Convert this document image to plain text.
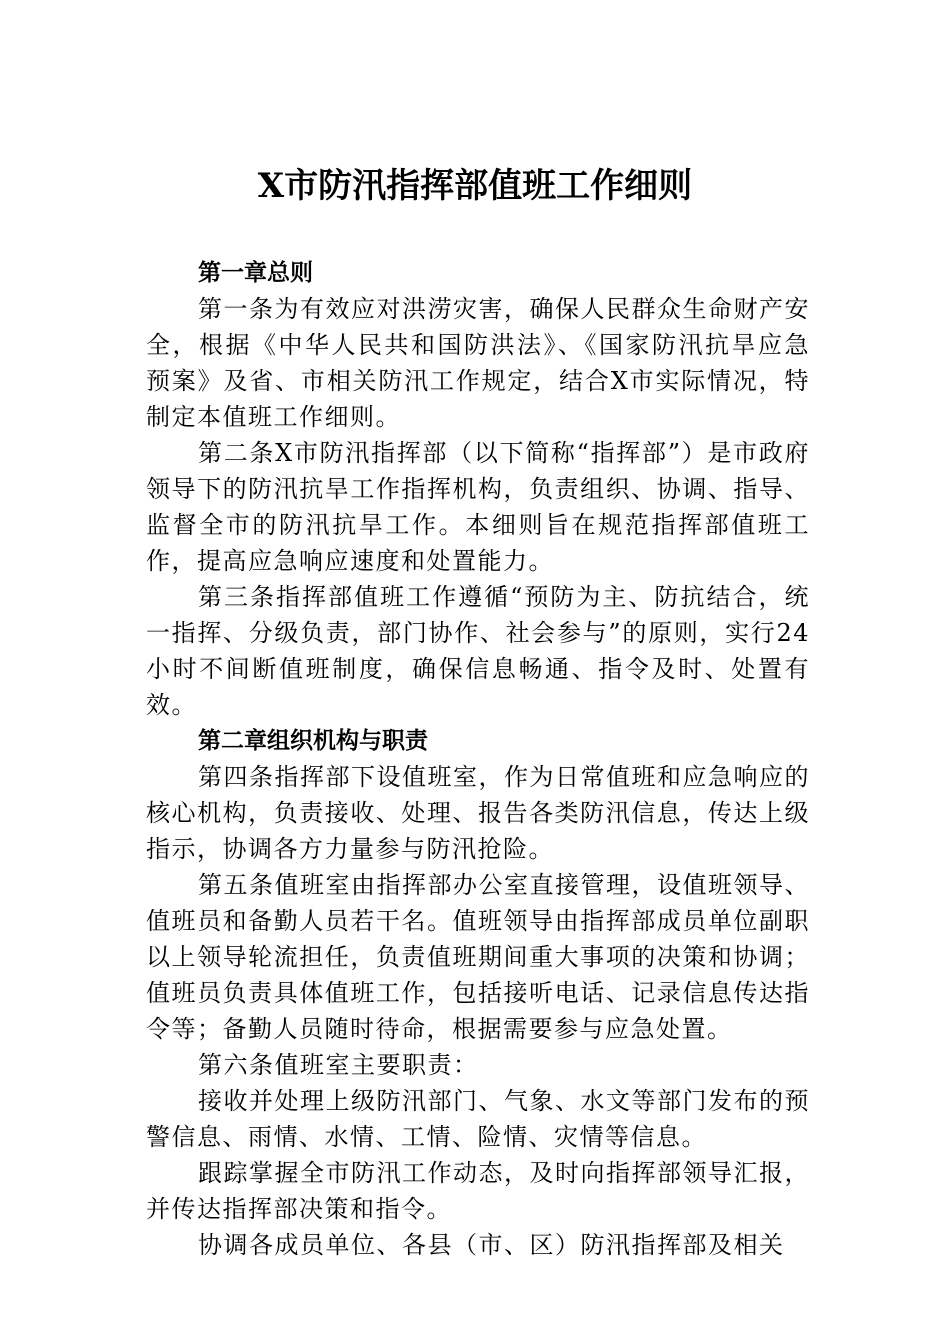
X市防汛指挥部值班工作细则

第一章总则

第一条为有效应对洪涝灾害，确保人民群众生命财产安全，根据《中华人民共和国防洪法》、《国家防汛抗旱应急预案》及省、市相关防汛工作规定，结合X市实际情况，特制定本值班工作细则。

第二条X市防汛指挥部（以下简称“指挥部”）是市政府领导下的防汛抗旱工作指挥机构，负责组织、协调、指导、监督全市的防汛抗旱工作。本细则旨在规范指挥部值班工作，提高应急响应速度和处置能力。

第三条指挥部值班工作遵循“预防为主、防抗结合，统一指挥、分级负责，部门协作、社会参与”的原则，实行24小时不间断值班制度，确保信息畅通、指令及时、处置有效。

第二章组织机构与职责

第四条指挥部下设值班室，作为日常值班和应急响应的核心机构，负责接收、处理、报告各类防汛信息，传达上级指示，协调各方力量参与防汛抢险。

第五条值班室由指挥部办公室直接管理，设值班领导、值班员和备勤人员若干名。值班领导由指挥部成员单位副职以上领导轮流担任，负责值班期间重大事项的决策和协调；值班员负责具体值班工作，包括接听电话、记录信息传达指令等；备勤人员随时待命，根据需要参与应急处置。

第六条值班室主要职责：

接收并处理上级防汛部门、气象、水文等部门发布的预警信息、雨情、水情、工情、险情、灾情等信息。

跟踪掌握全市防汛工作动态，及时向指挥部领导汇报，并传达指挥部决策和指令。

协调各成员单位、各县（市、区）防汛指挥部及相关
